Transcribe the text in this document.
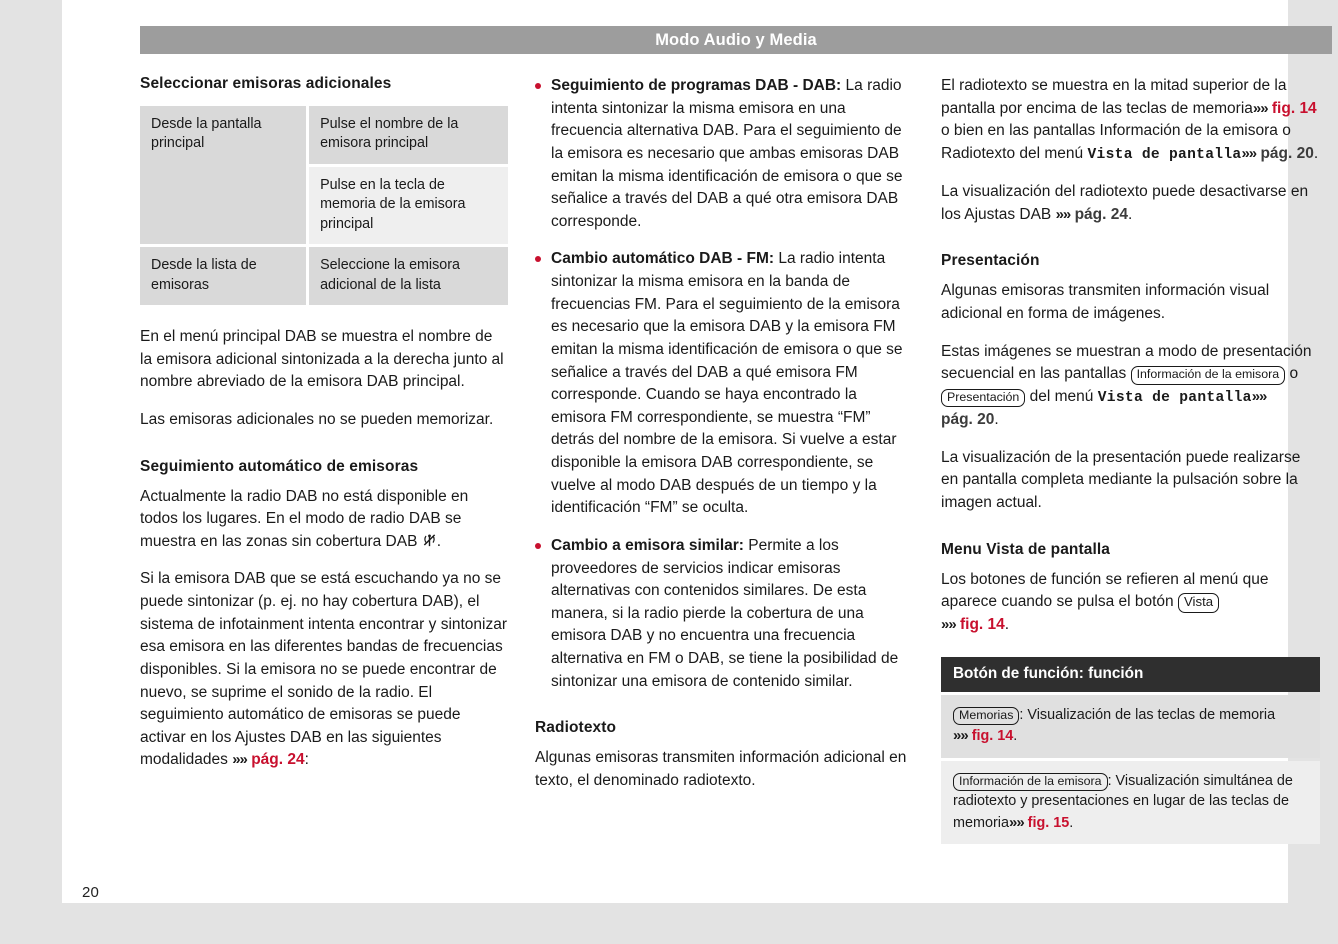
Modo Audio y Media
Seleccionar emisoras adicionales
Desde la pantalla principal	Pulse el nombre de la emisora principal
	Pulse en la tecla de memoria de la emisora principal
Desde la lista de emisoras	Seleccione la emisora adicional de la lista

En el menú principal DAB se muestra el nombre de la emisora adicional sintonizada a la derecha junto al nombre abreviado de la emisora DAB principal.

Las emisoras adicionales no se pueden memorizar.

Seguimiento automático de emisoras

Actualmente la radio DAB no está disponible en todos los lugares. En el modo de radio DAB se muestra en las zonas sin cobertura DAB .

Si la emisora DAB que se está escuchando ya no se puede sintonizar (p. ej. no hay cobertura DAB), el sistema de infotainment intenta encontrar y sintonizar esa emisora en las diferentes bandas de frecuencias disponibles. Si la emisora no se puede encontrar de nuevo, se suprime el sonido de la radio. El seguimiento automático de emisoras se puede activar en los Ajustes DAB en las siguientes modalidades »» pág. 24:

Seguimiento de programas DAB - DAB: La radio intenta sintonizar la misma emisora en una frecuencia alternativa DAB. Para el seguimiento de la emisora es necesario que ambas emisoras DAB emitan la misma identificación de emisora o que se señalice a través del DAB a qué otra emisora DAB corresponde.
Cambio automático DAB - FM: La radio intenta sintonizar la misma emisora en la banda de frecuencias FM. Para el seguimiento de la emisora es necesario que la emisora DAB y la emisora FM emitan la misma identificación de emisora o que se señalice a través del DAB a qué emisora FM corresponde. Cuando se haya encontrado la emisora FM correspondiente, se muestra “FM” detrás del nombre de la emisora. Si vuelve a estar disponible la emisora DAB correspondiente, se vuelve al modo DAB después de un tiempo y la identificación “FM” se oculta.
Cambio a emisora similar: Permite a los proveedores de servicios indicar emisoras alternativas con contenidos similares. De esta manera, si la radio pierde la cobertura de una emisora DAB y no encuentra una frecuencia alternativa en FM o DAB, se tiene la posibilidad de sintonizar una emisora de contenido similar.
Radiotexto

Algunas emisoras transmiten información adicional en texto, el denominado radiotexto.

El radiotexto se muestra en la mitad superior de la pantalla por encima de las teclas de memoria»» fig. 14 o bien en las pantallas Información de la emisora o Radiotexto del menú Vista de pantalla»» pág. 20.

La visualización del radiotexto puede desactivarse en los Ajustas DAB »» pág. 24.

Presentación

Algunas emisoras transmiten información visual adicional en forma de imágenes.

Estas imágenes se muestran a modo de presentación secuencial en las pantallas Información de la emisora o Presentación del menú Vista de pantalla»» pág. 20.

La visualización de la presentación puede realizarse en pantalla completa mediante la pulsación sobre la imagen actual.

Menu Vista de pantalla

Los botones de función se refieren al menú que aparece cuando se pulsa el botón Vista
»» fig. 14.

Botón de función: función
Memorias : Visualización de las teclas de memoria
»» fig. 14.
Información de la emisora : Visualización simultánea de radiotexto y presentaciones en lugar de las teclas de memoria»» fig. 15.
20
